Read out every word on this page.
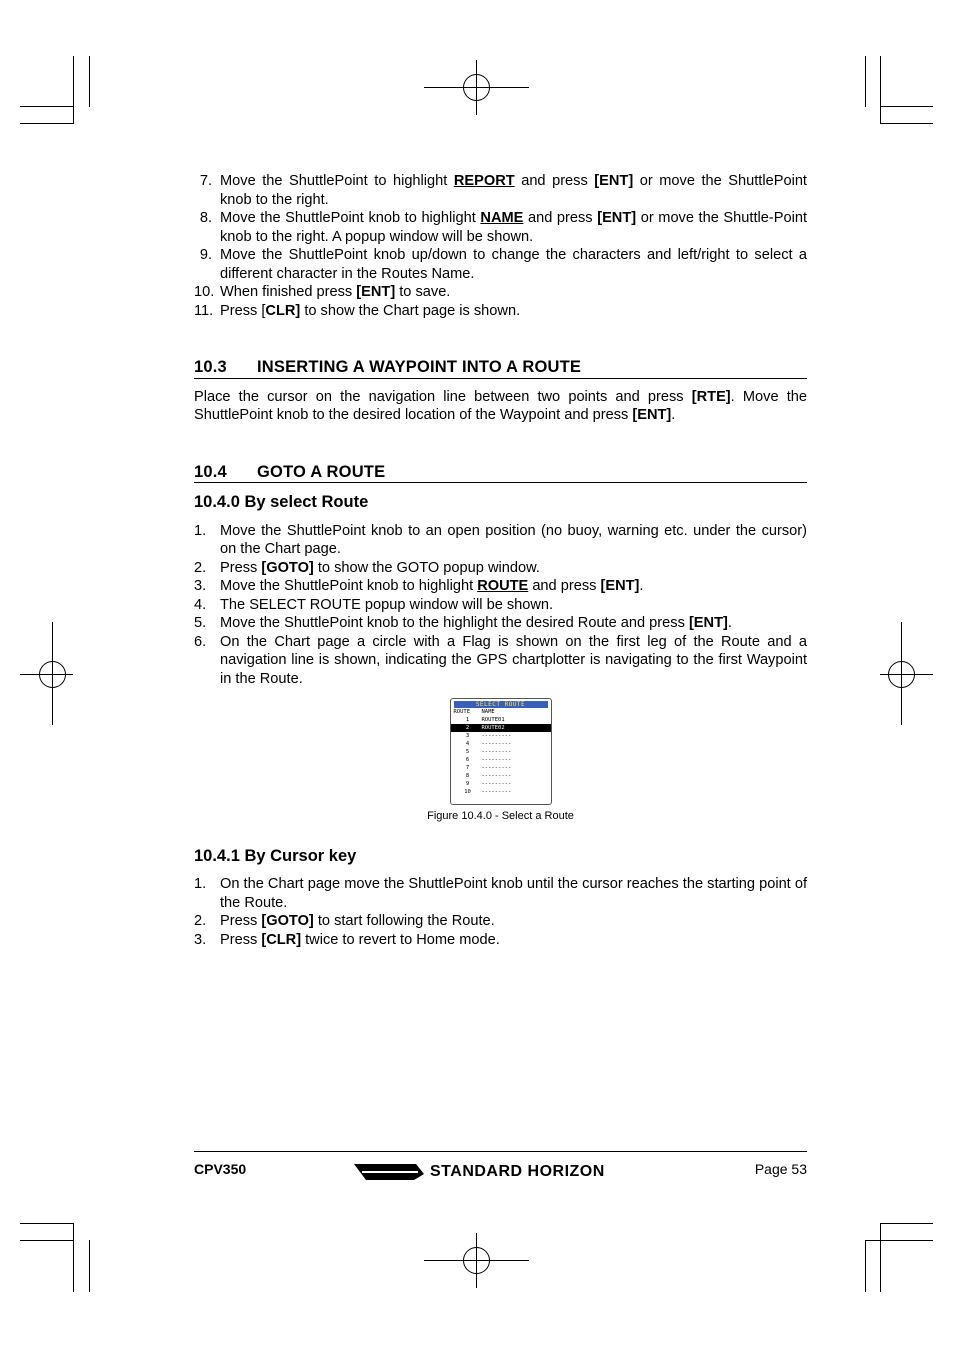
7. Move the ShuttlePoint to highlight REPORT and press [ENT] or move the ShuttlePoint knob to the right.
8. Move the ShuttlePoint knob to highlight NAME and press [ENT] or move the Shuttle-Point knob to the right. A popup window will be shown.
9. Move the ShuttlePoint knob up/down to change the characters and left/right to select a different character in the Routes Name.
10. When finished press [ENT] to save.
11. Press [CLR] to show the Chart page is shown.
10.3 INSERTING A WAYPOINT INTO A ROUTE

Place the cursor on the navigation line between two points and press [RTE]. Move the ShuttlePoint knob to the desired location of the Waypoint and press [ENT].

10.4 GOTO A ROUTE
10.4.0 By select Route
1. Move the ShuttlePoint knob to an open position (no buoy, warning etc. under the cursor) on the Chart page.
2. Press [GOTO] to show the GOTO popup window.
3. Move the ShuttlePoint knob to highlight ROUTE and press [ENT].
4. The SELECT ROUTE popup window will be shown.
5. Move the ShuttlePoint knob to the highlight the desired Route and press [ENT].
6. On the Chart page a circle with a Flag is shown on the first leg of the Route and a navigation line is shown, indicating the GPS chartplotter is navigating to the first Waypoint in the Route.
SELECT ROUTE
ROUTE	NAME
1	ROUTE01
2	ROUTE02
3	---------
4	---------
5	---------
6	---------
7	---------
8	---------
9	---------
10	---------
Figure 10.4.0 - Select a Route
10.4.1 By Cursor key
1. On the Chart page move the ShuttlePoint knob until the cursor reaches the starting point of the Route.
2. Press [GOTO] to start following the Route.
3. Press [CLR] twice to revert to Home mode.
CPV350	STANDARD HORIZON	Page 53
